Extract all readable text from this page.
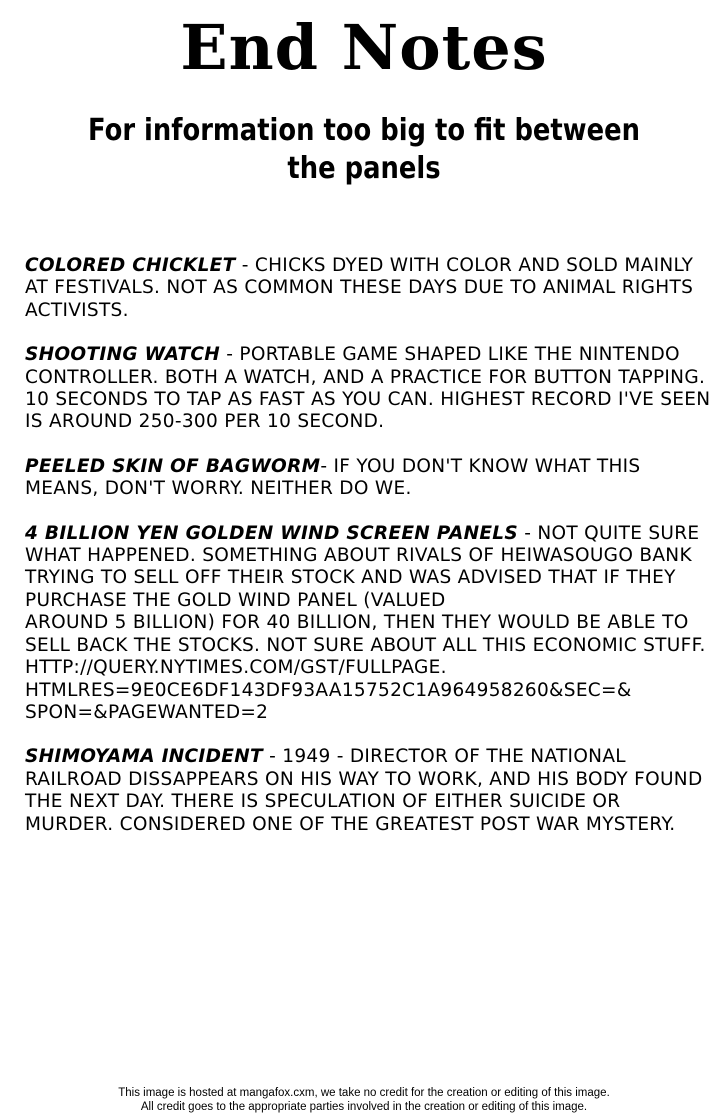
End Notes
For information too big to fit between the panels

COLORED CHICKLET - CHICKS DYED WITH COLOR AND SOLD MAINLY AT FESTIVALS. NOT AS COMMON THESE DAYS DUE TO ANIMAL RIGHTS ACTIVISTS.

SHOOTING WATCH - PORTABLE GAME SHAPED LIKE THE NINTENDO CONTROLLER. BOTH A WATCH, AND A PRACTICE FOR BUTTON TAPPING. 10 SECONDS TO TAP AS FAST AS YOU CAN. HIGHEST RECORD I'VE SEEN IS AROUND 250-300 PER 10 SECOND.

PEELED SKIN OF BAGWORM- IF YOU DON'T KNOW WHAT THIS MEANS, DON'T WORRY. NEITHER DO WE.

4 BILLION YEN GOLDEN WIND SCREEN PANELS - NOT QUITE SURE WHAT HAPPENED. SOMETHING ABOUT RIVALS OF HEIWASOUGO BANK TRYING TO SELL OFF THEIR STOCK AND WAS ADVISED THAT IF THEY PURCHASE THE GOLD WIND PANEL (VALUED
AROUND 5 BILLION) FOR 40 BILLION, THEN THEY WOULD BE ABLE TO SELL BACK THE STOCKS. NOT SURE ABOUT ALL THIS ECONOMIC STUFF.
HTTP://QUERY.NYTIMES.COM/GST/FULLPAGE.
HTMLRES=9E0CE6DF143DF93AA15752C1A964958260&SEC=&
SPON=&PAGEWANTED=2

SHIMOYAMA INCIDENT - 1949 - DIRECTOR OF THE NATIONAL RAILROAD DISSAPPEARS ON HIS WAY TO WORK, AND HIS BODY FOUND THE NEXT DAY. THERE IS SPECULATION OF EITHER SUICIDE OR MURDER. CONSIDERED ONE OF THE GREATEST POST WAR MYSTERY.

This image is hosted at mangafox.cxm, we take no credit for the creation or editing of this image.
All credit goes to the appropriate parties involved in the creation or editing of this image.
